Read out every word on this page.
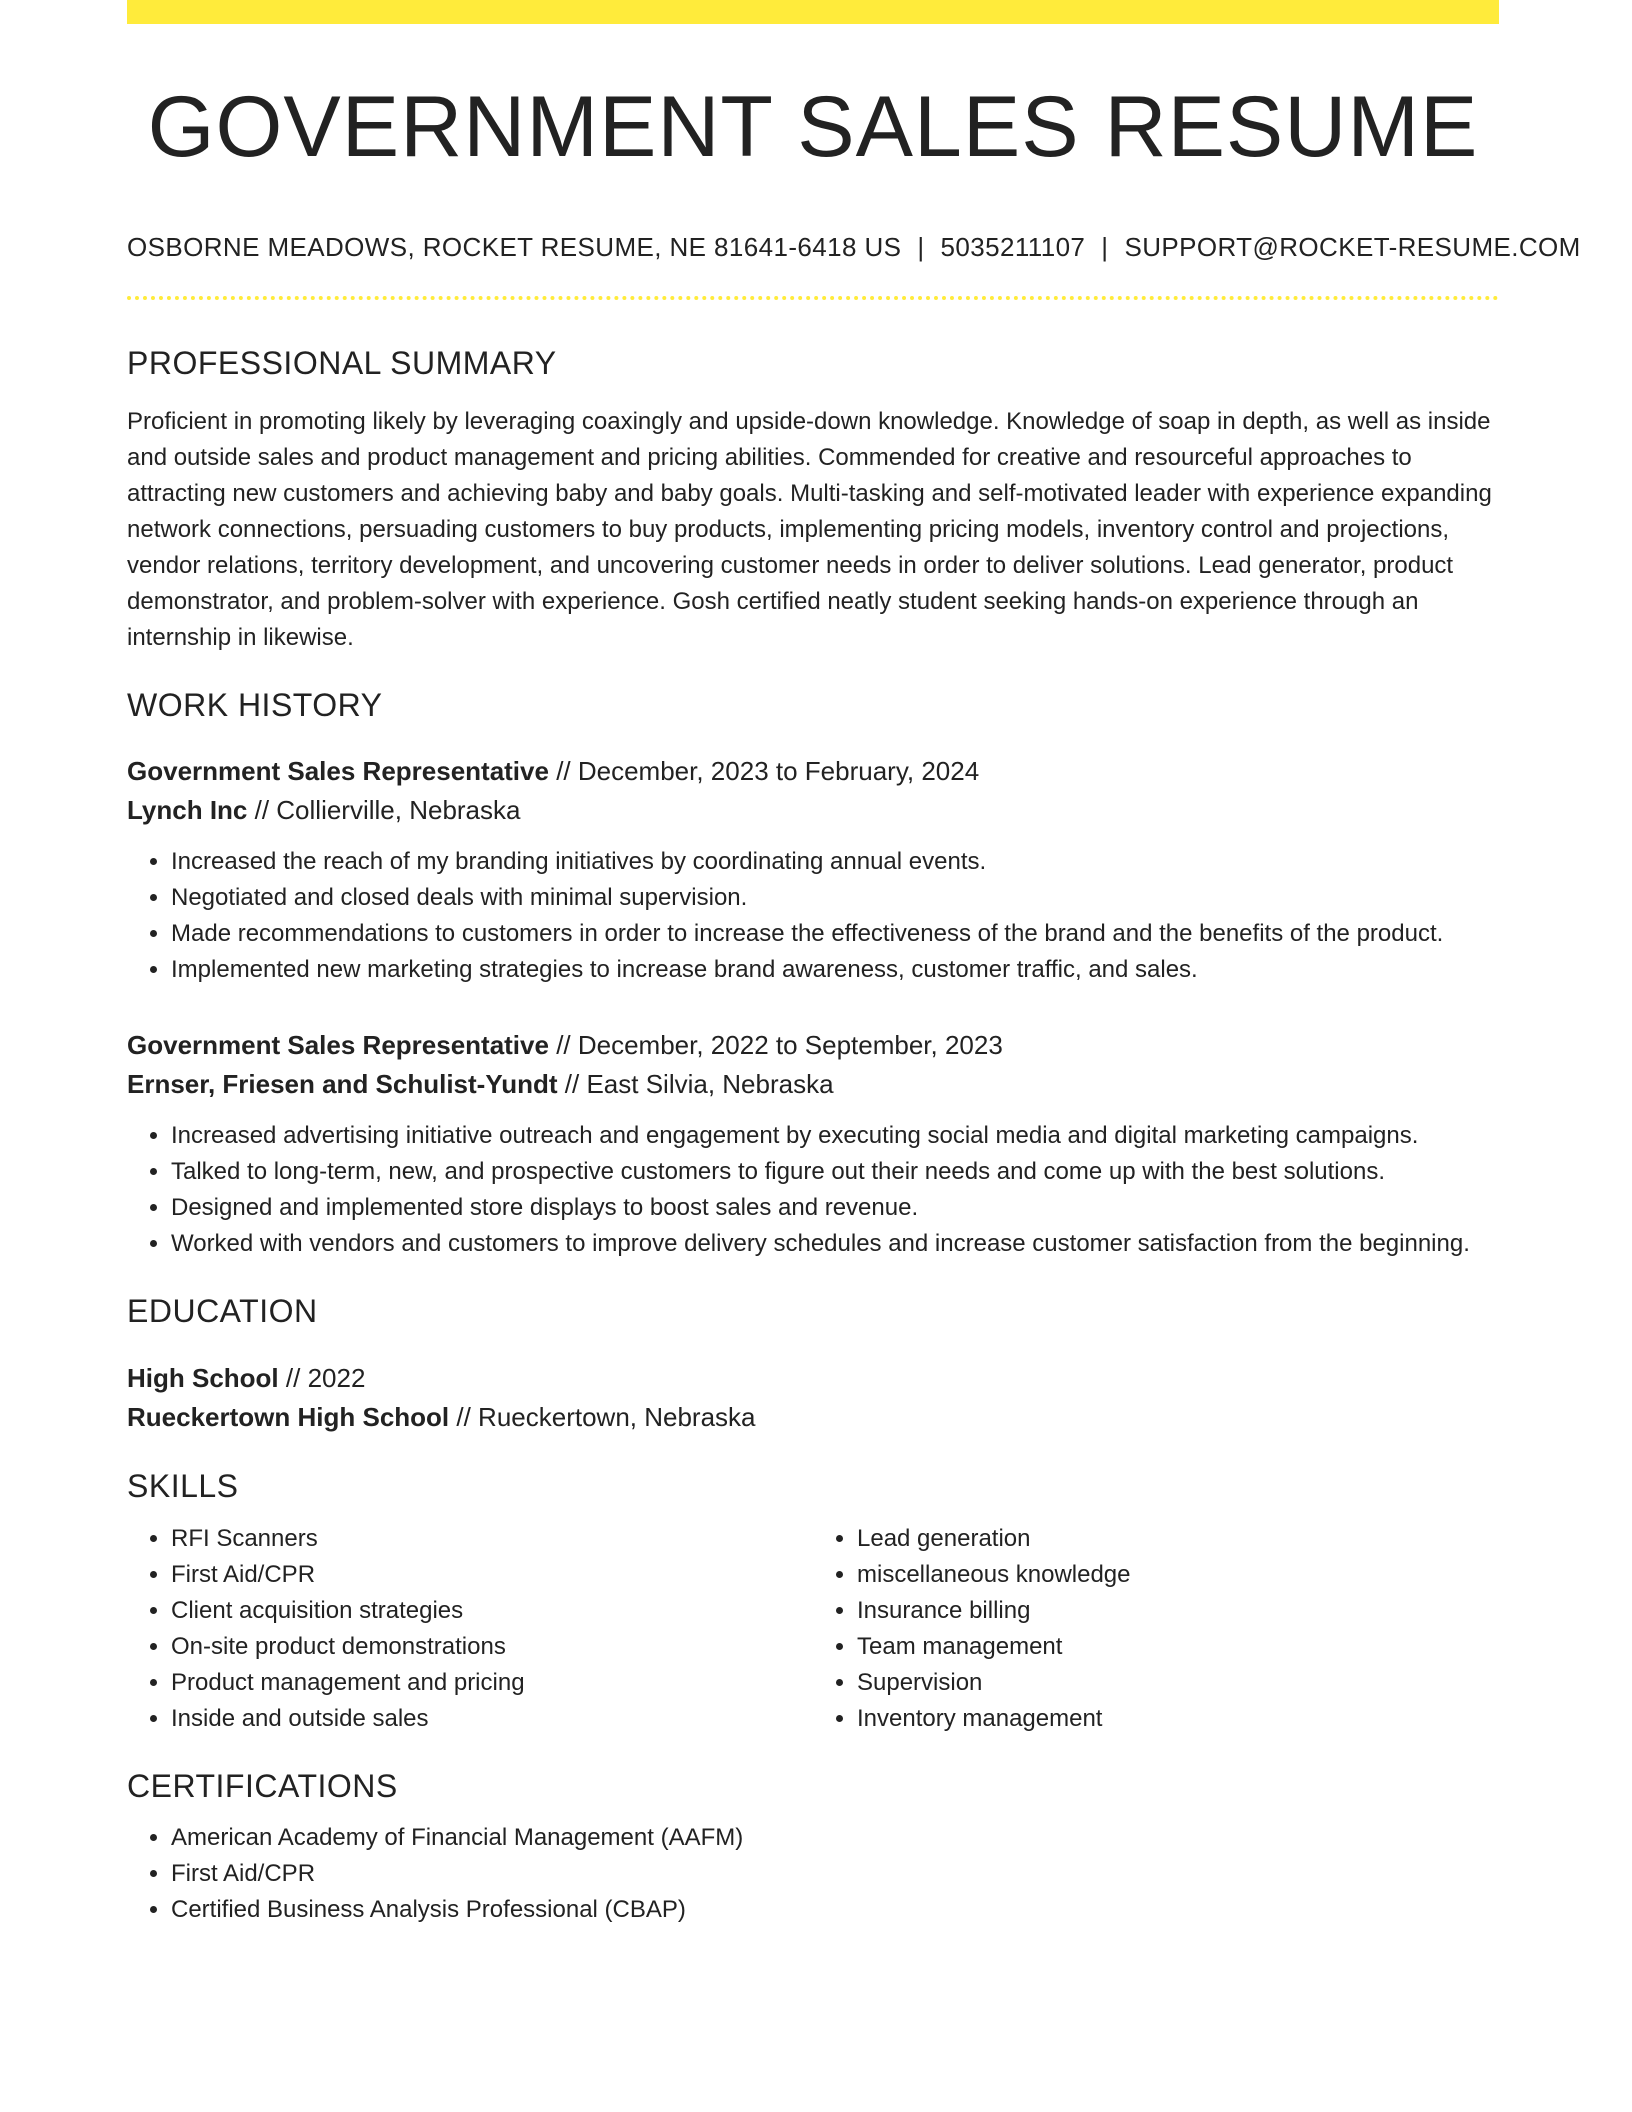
GOVERNMENT SALES RESUME
OSBORNE MEADOWS, ROCKET RESUME, NE 81641-6418 US | 5035211107 | SUPPORT@ROCKET-RESUME.COM
PROFESSIONAL SUMMARY

Proficient in promoting likely by leveraging coaxingly and upside-down knowledge. Knowledge of soap in depth, as well as inside and outside sales and product management and pricing abilities. Commended for creative and resourceful approaches to attracting new customers and achieving baby and baby goals. Multi-tasking and self-motivated leader with experience expanding network connections, persuading customers to buy products, implementing pricing models, inventory control and projections, vendor relations, territory development, and uncovering customer needs in order to deliver solutions. Lead generator, product demonstrator, and problem-solver with experience. Gosh certified neatly student seeking hands-on experience through an internship in likewise.

WORK HISTORY
Government Sales Representative // December, 2023 to February, 2024
Lynch Inc // Collierville, Nebraska
• Increased the reach of my branding initiatives by coordinating annual events.
• Negotiated and closed deals with minimal supervision.
• Made recommendations to customers in order to increase the effectiveness of the brand and the benefits of the product.
• Implemented new marketing strategies to increase brand awareness, customer traffic, and sales.
Government Sales Representative // December, 2022 to September, 2023
Ernser, Friesen and Schulist-Yundt // East Silvia, Nebraska
• Increased advertising initiative outreach and engagement by executing social media and digital marketing campaigns.
• Talked to long-term, new, and prospective customers to figure out their needs and come up with the best solutions.
• Designed and implemented store displays to boost sales and revenue.
• Worked with vendors and customers to improve delivery schedules and increase customer satisfaction from the beginning.
EDUCATION
High School // 2022
Rueckertown High School // Rueckertown, Nebraska
SKILLS
• RFI Scanners
• First Aid/CPR
• Client acquisition strategies
• On-site product demonstrations
• Product management and pricing
• Inside and outside sales
• Lead generation
• miscellaneous knowledge
• Insurance billing
• Team management
• Supervision
• Inventory management
CERTIFICATIONS
• American Academy of Financial Management (AAFM)
• First Aid/CPR
• Certified Business Analysis Professional (CBAP)
